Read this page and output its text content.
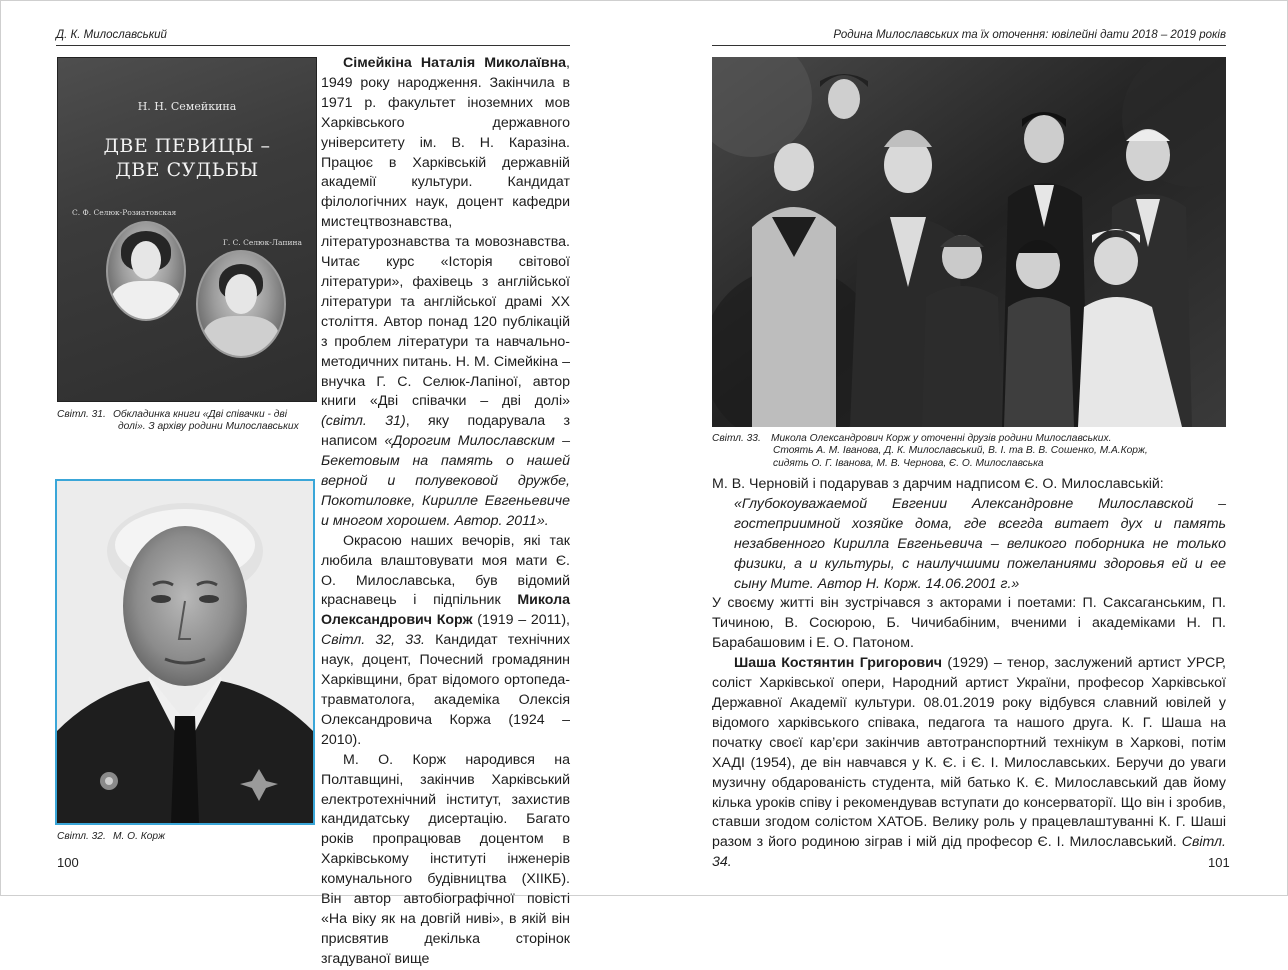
Д. К. Милославський
Н. Н. Семейкина
ДВЕ ПЕВИЦЫ –
ДВЕ СУДЬБЫ
С. Ф. Селюк-Розиатовская
Г. С. Селюк-Лапина
Світл. 31. Обкладинка книги «Дві співачки - дві
долі». З архіву родини Милославських
Світл. 32. М. О. Корж

Сімейкіна Наталія Миколаївна, 1949 року народження. Закінчила в 1971 р. факультет іноземних мов Харківського державного університету ім. В. Н. Каразіна. Працює в Харківській державній академії культури. Кандидат філологічних наук, доцент кафедри мистецтвознавства, літературознавства та мовознавства. Читає курс «Історія світової літератури», фахівець з англійської літератури та англійської драмі ХХ століття. Автор понад 120 публікацій з проблем літератури та навчально-методичних питань. Н. М. Сімейкіна – внучка Г. С. Селюк-Лапіної, автор книги «Дві співачки – дві долі» (світл. 31), яку подарувала з написом «Дорогим Милославским – Бекетовым на память о нашей верной и полувековой дружбе, Покотиловке, Кирилле Евгеньевиче и многом хорошем. Автор. 2011».

Окрасою наших вечорів, які так любила влаштовувати моя мати Є. О. Милославська, був відомий краснавець і підпільник Микола Олександрович Корж (1919 – 2011), Світл. 32, 33. Кандидат технічних наук, доцент, Почесний громадянин Харківщини, брат відомого ортопеда-травматолога, академіка Олексія Олександровича Коржа (1924 – 2010).

М. О. Корж народився на Полтавщині, закінчив Харківський електротехнічний інститут, захистив кандидатську дисертацію. Багато років пропрацював доцентом в Харківському інституті інженерів комунального будівництва (ХІІКБ). Він автор автобіографічної повісті «На віку як на довгій ниві», в якій він присвятив декілька сторінок згадуваної вище

100
Родина Милославських та їх оточення: ювілейні дати 2018 – 2019 років
Світл. 33. Микола Олександрович Корж у оточенні друзів родини Милославських.
Стоять А. М. Іванова, Д. К. Милославський, В. І. та В. В. Сошенко, М.А.Корж,
сидять О. Г. Іванова, М. В. Чернова, Є. О. Милославська

М. В. Черновій і подарував з дарчим надписом Є. О. Милославській:

«Глубокоуважаемой Евгении Александровне Милославской – гостеприимной хозяйке дома, где всегда витает дух и память незабвенного Кирилла Евгеньевича – великого поборника не только физики, а и культуры, с наилучшими пожеланиями здоровья ей и ее сыну Мите. Автор Н. Корж. 14.06.2001 г.»

У своєму житті він зустрічався з акторами і поетами: П. Саксаганським, П. Тичиною, В. Сосюрою, Б. Чичибабіним, вченими і академіками Н. П. Барабашовим і Е. О. Патоном.

Шаша Костянтин Григорович (1929) – тенор, заслужений артист УРСР, соліст Харківської опери, Народний артист України, професор Харківської Державної Академії культури. 08.01.2019 року відбувся славний ювілей у відомого харківського співака, педагога та нашого друга. К. Г. Шаша на початку своєї кар’єри закінчив автотранспортний технікум в Харкові, потім ХАДІ (1954), де він навчався у К. Є. і Є. І. Милославських. Беручи до уваги музичну обдарованість студента, мій батько К. Є. Милославський дав йому кілька уроків співу і рекомендував вступати до консерваторії. Що він і зробив, ставши згодом солістом ХАТОБ. Велику роль у працевлаштуванні К. Г. Шаші разом з його родиною зіграв і мій дід професор Є. І. Милославський. Світл. 34.	101
